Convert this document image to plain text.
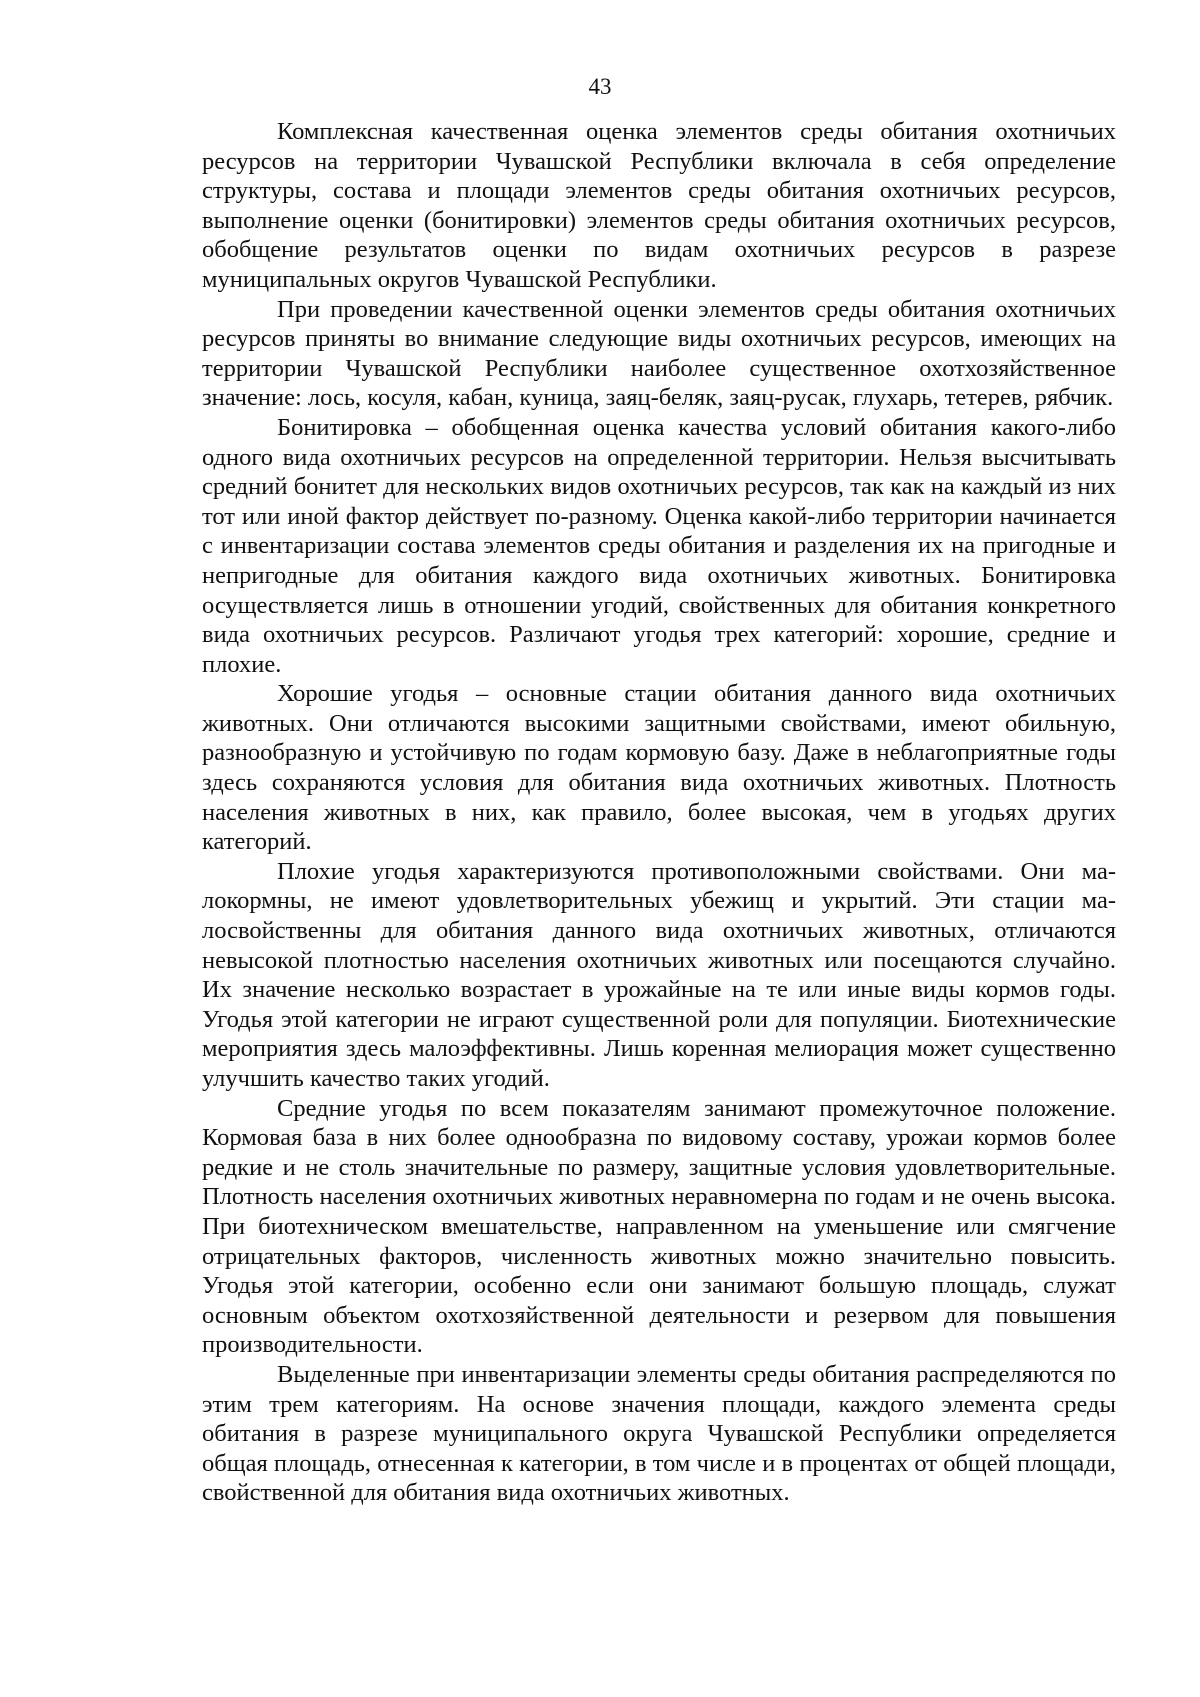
43

Комплексная качественная оценка элементов среды обитания охотничьих ресурсов на территории Чувашской Республики включала в себя определение структуры, состава и площади элементов среды обитания охотничьих ресурсов, выполнение оценки (бонитировки) элементов среды обитания охотничьих ресурсов, обобщение результатов оценки по видам охотничьих ресурсов в разрезе муниципальных округов Чувашской Республики.

При проведении качественной оценки элементов среды обитания охотничьих ресурсов приняты во внимание следующие виды охотничьих ресурсов, имеющих на территории Чувашской Республики наиболее существенное охотхозяйственное значение: лось, косуля, кабан, куница, заяц-беляк, заяц-русак, глухарь, тетерев, рябчик.

Бонитировка – обобщенная оценка качества условий обитания какого-либо одного вида охотничьих ресурсов на определенной территории. Нельзя высчитывать средний бонитет для нескольких видов охотничьих ресурсов, так как на каждый из них тот или иной фактор действует по-разному. Оценка какой-либо территории начинается с инвентаризации состава элементов среды обитания и разделения их на пригодные и непригодные для обитания каждого вида охотничьих животных. Бонитировка осуществляется лишь в отношении угодий, свойственных для обитания конкретного вида охотничьих ресурсов. Различают угодья трех категорий: хорошие, средние и плохие.

Хорошие угодья – основные стации обитания данного вида охотничьих животных. Они отличаются высокими защитными свойствами, имеют обильную, разнообразную и устойчивую по годам кормовую базу. Даже в неблагоприятные годы здесь сохраняются условия для обитания вида охотничьих животных. Плотность населения животных в них, как правило, более высокая, чем в угодьях других категорий.

Плохие угодья характеризуются противоположными свойствами. Они малокормны, не имеют удовлетворительных убежищ и укрытий. Эти стации малосвойственны для обитания данного вида охотничьих животных, отличаются невысокой плотностью населения охотничьих животных или посещаются случайно. Их значение несколько возрастает в урожайные на те или иные виды кормов годы. Угодья этой категории не играют существенной роли для популяции. Биотехнические мероприятия здесь малоэффективны. Лишь коренная мелиорация может существенно улучшить качество таких угодий.

Средние угодья по всем показателям занимают промежуточное положение. Кормовая база в них более однообразна по видовому составу, урожаи кормов более редкие и не столь значительные по размеру, защитные условия удовлетворительные. Плотность населения охотничьих животных неравномерна по годам и не очень высока. При биотехническом вмешательстве, направленном на уменьшение или смягчение отрицательных факторов, численность животных можно значительно повысить. Угодья этой категории, особенно если они занимают большую площадь, служат основным объектом охотхозяйственной деятельности и резервом для повышения производительности.

Выделенные при инвентаризации элементы среды обитания распределяются по этим трем категориям. На основе значения площади, каждого элемента среды обитания в разрезе муниципального округа Чувашской Республики определяется общая площадь, отнесенная к категории, в том числе и в процентах от общей площади, свойственной для обитания вида охотничьих животных.
